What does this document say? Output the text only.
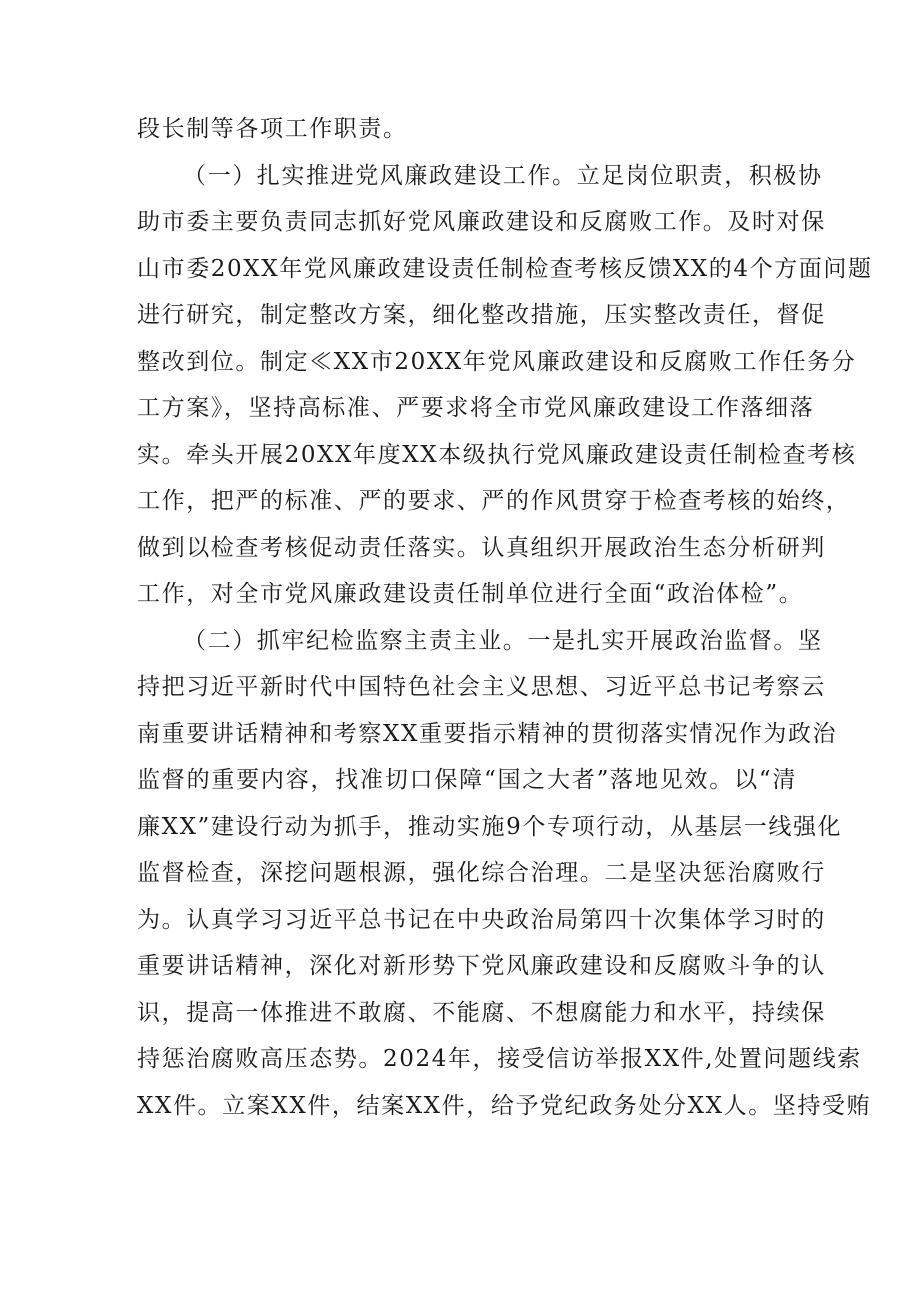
段长制等各项工作职责。

（一）扎实推进党风廉政建设工作。立足岗位职责，积极协
助市委主要负责同志抓好党风廉政建设和反腐败工作。及时对保
山市委20XX年党风廉政建设责任制检查考核反馈XX的4个方面问题
进行研究，制定整改方案，细化整改措施，压实整改责任，督促
整改到位。制定≪XX市20XX年党风廉政建设和反腐败工作任务分
工方案》，坚持高标准、严要求将全市党风廉政建设工作落细落
实。牵头开展20XX年度XX本级执行党风廉政建设责任制检查考核
工作，把严的标准、严的要求、严的作风贯穿于检查考核的始终，
做到以检查考核促动责任落实。认真组织开展政治生态分析研判
工作，对全市党风廉政建设责任制单位进行全面“政治体检”。

（二）抓牢纪检监察主责主业。一是扎实开展政治监督。坚
持把习近平新时代中国特色社会主义思想、习近平总书记考察云
南重要讲话精神和考察XX重要指示精神的贯彻落实情况作为政治
监督的重要内容，找准切口保障“国之大者”落地见效。以“清
廉XX”建设行动为抓手，推动实施9个专项行动，从基层一线强化
监督检查，深挖问题根源，强化综合治理。二是坚决惩治腐败行
为。认真学习习近平总书记在中央政治局第四十次集体学习时的
重要讲话精神，深化对新形势下党风廉政建设和反腐败斗争的认
识，提高一体推进不敢腐、不能腐、不想腐能力和水平，持续保
持惩治腐败高压态势。2024年，接受信访举报XX件,处置问题线索
XX件。立案XX件，结案XX件，给予党纪政务处分XX人。坚持受贿
